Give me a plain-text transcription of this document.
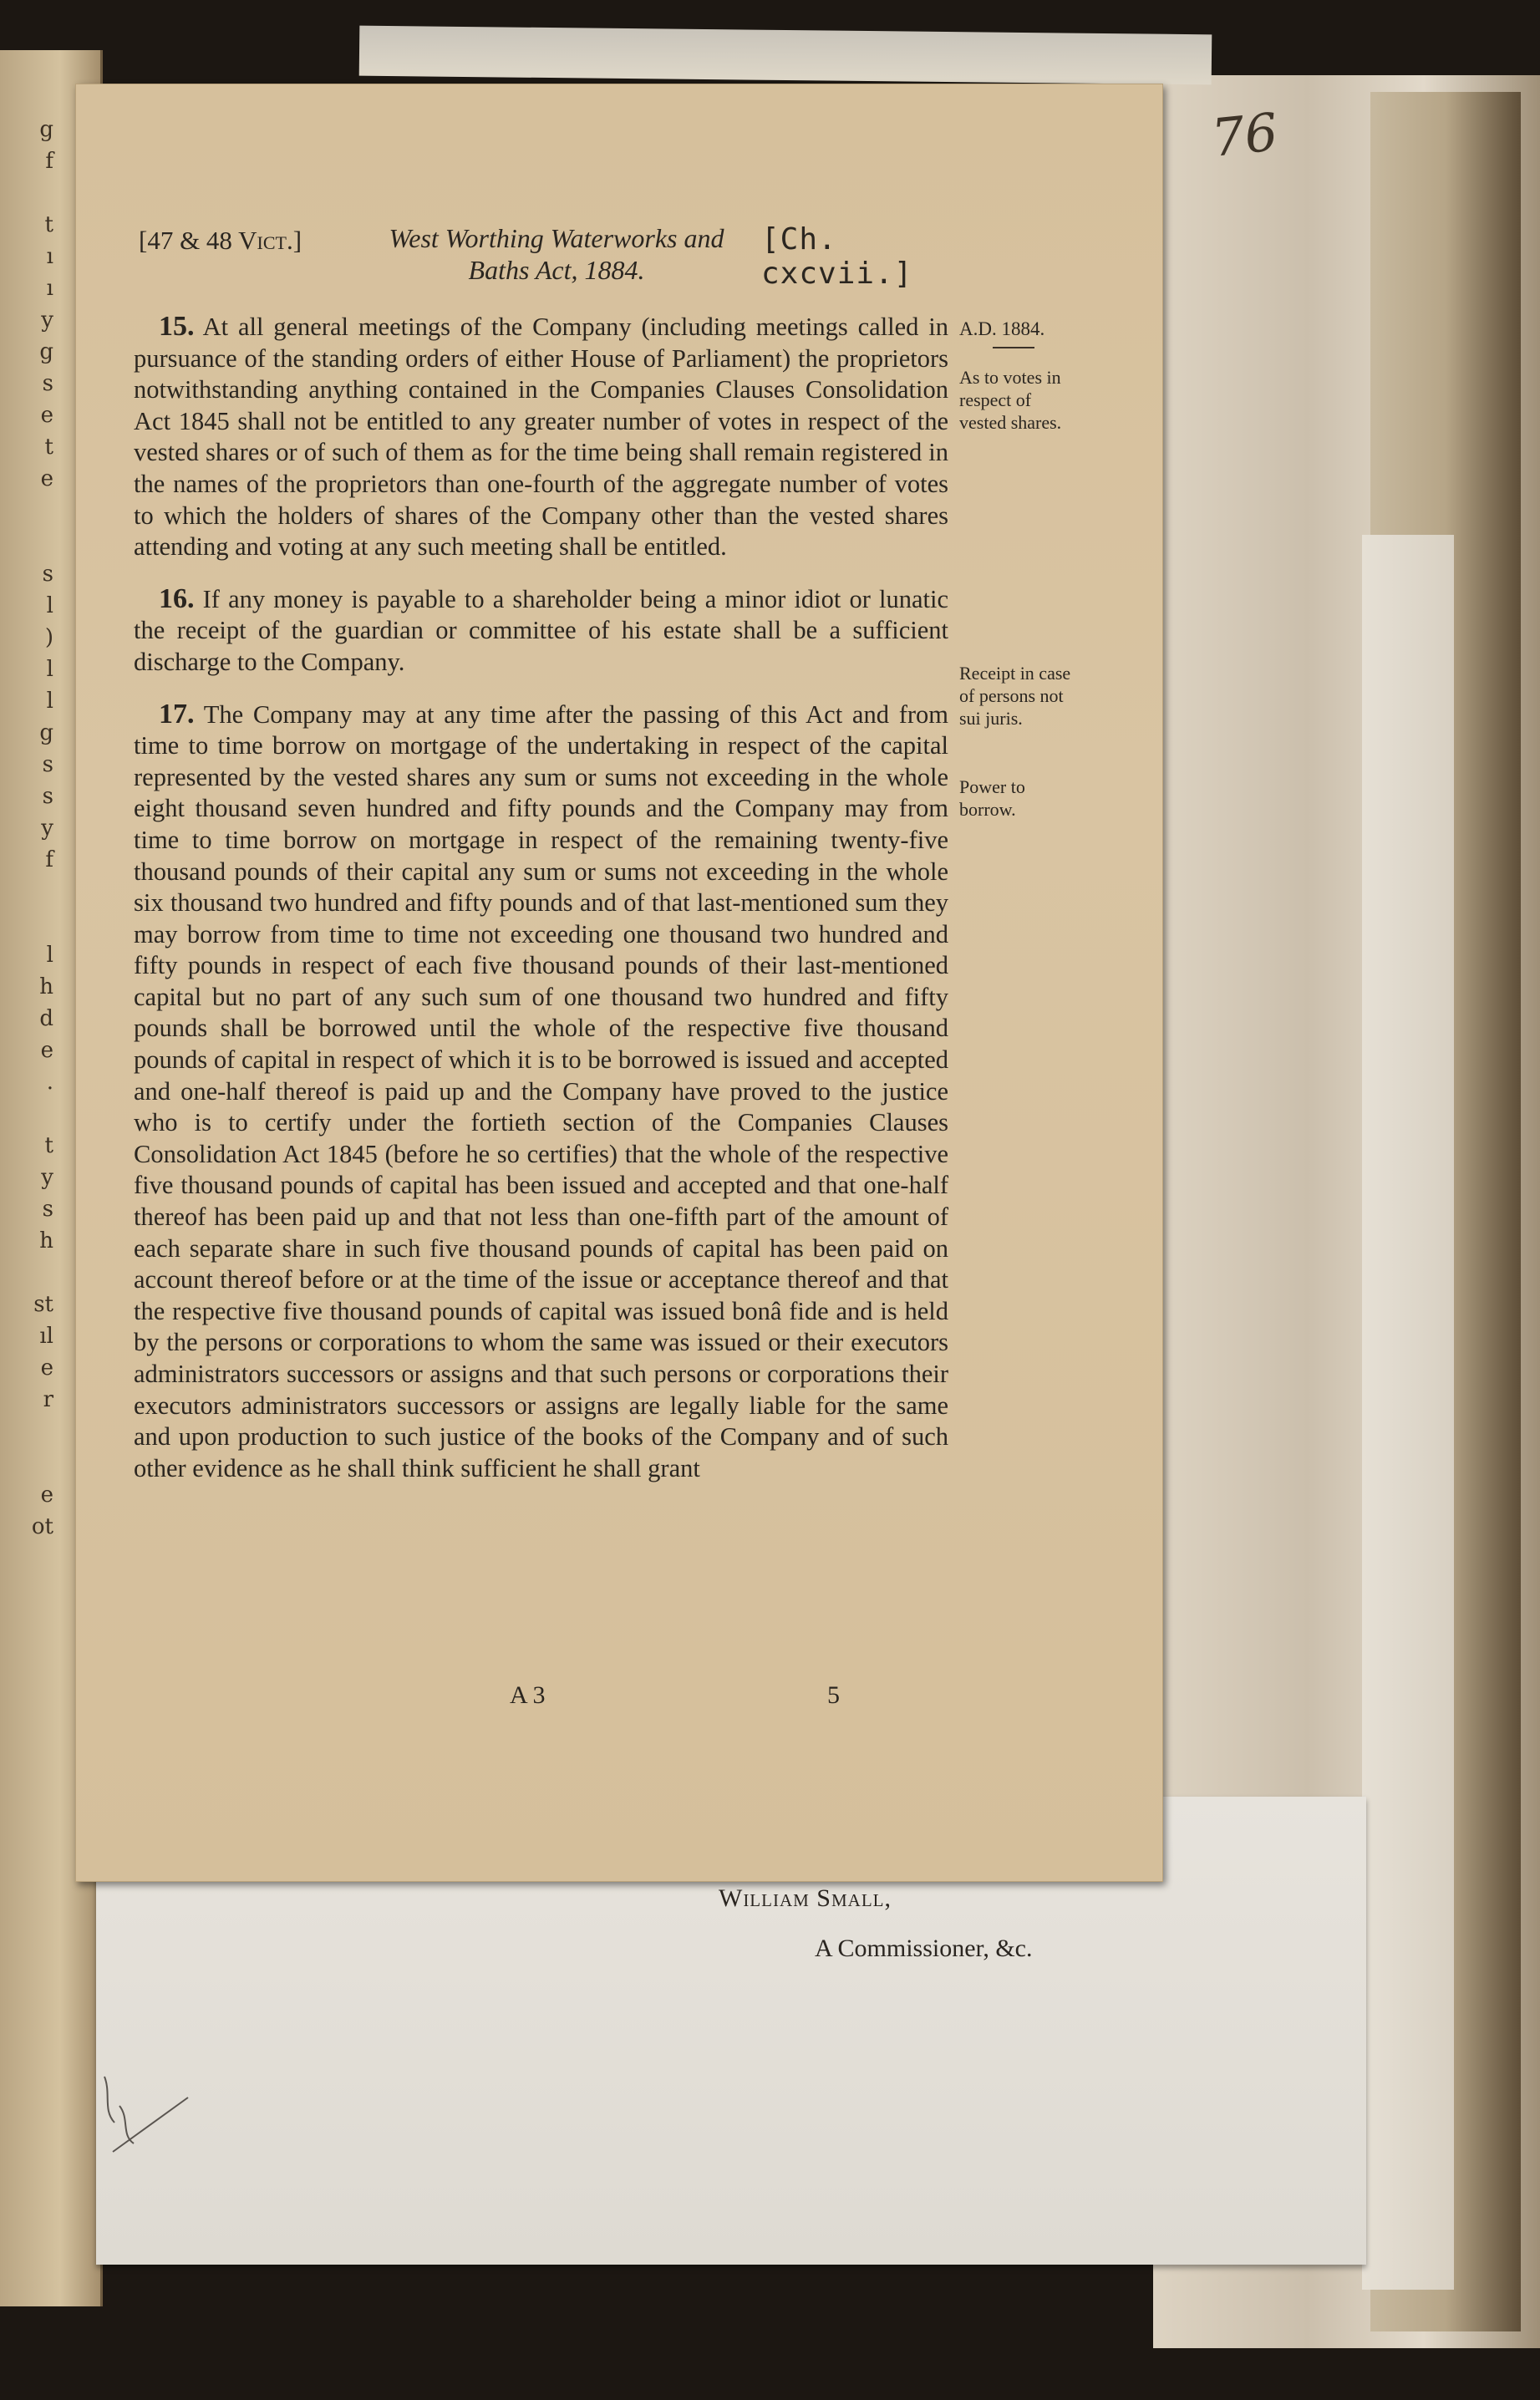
g
f
t
ı
ı
y
g
s
e
t
e
s
l
)
l
l
g
s
s
y
f
l
h
d
e
.
t
y
s
h
st
ıl
e
r
e
ot
William Small,
A Commissioner, &c.
76
[47 & 48 Vict.]	West Worthing Waterworks and
Baths Act, 1884.
[Ch. cxcvii.]

15. At all general meetings of the Company (including meetings called in pursuance of the standing orders of either House of Parliament) the proprietors notwithstanding anything contained in the Companies Clauses Consolidation Act 1845 shall not be entitled to any greater number of votes in respect of the vested shares or of such of them as for the time being shall remain registered in the names of the proprietors than one-fourth of the aggregate number of votes to which the holders of shares of the Company other than the vested shares attending and voting at any such meeting shall be entitled.

16. If any money is payable to a shareholder being a minor idiot or lunatic the receipt of the guardian or committee of his estate shall be a sufficient discharge to the Company.

17. The Company may at any time after the passing of this Act and from time to time borrow on mortgage of the undertaking in respect of the capital represented by the vested shares any sum or sums not exceeding in the whole eight thousand seven hundred and fifty pounds and the Company may from time to time borrow on mortgage in respect of the remaining twenty-five thousand pounds of their capital any sum or sums not exceeding in the whole six thousand two hundred and fifty pounds and of that last-mentioned sum they may borrow from time to time not exceeding one thousand two hundred and fifty pounds in respect of each five thousand pounds of their last-mentioned capital but no part of any such sum of one thousand two hundred and fifty pounds shall be borrowed until the whole of the respective five thousand pounds of capital in respect of which it is to be borrowed is issued and accepted and one-half thereof is paid up and the Company have proved to the justice who is to certify under the fortieth section of the Companies Clauses Consolidation Act 1845 (before he so certifies) that the whole of the respective five thousand pounds of capital has been issued and accepted and that one-half thereof has been paid up and that not less than one-fifth part of the amount of each separate share in such five thousand pounds of capital has been paid on account thereof before or at the time of the issue or acceptance thereof and that the respective five thousand pounds of capital was issued bonâ fide and is held by the persons or corporations to whom the same was issued or their executors administrators successors or assigns and that such persons or corporations their executors administrators successors or assigns are legally liable for the same and upon production to such justice of the books of the Company and of such other evidence as he shall think sufficient he shall grant

A.D. 1884.
As to votes in respect of vested shares.
Receipt in case of persons not sui juris.
Power to borrow.
A 3	5
